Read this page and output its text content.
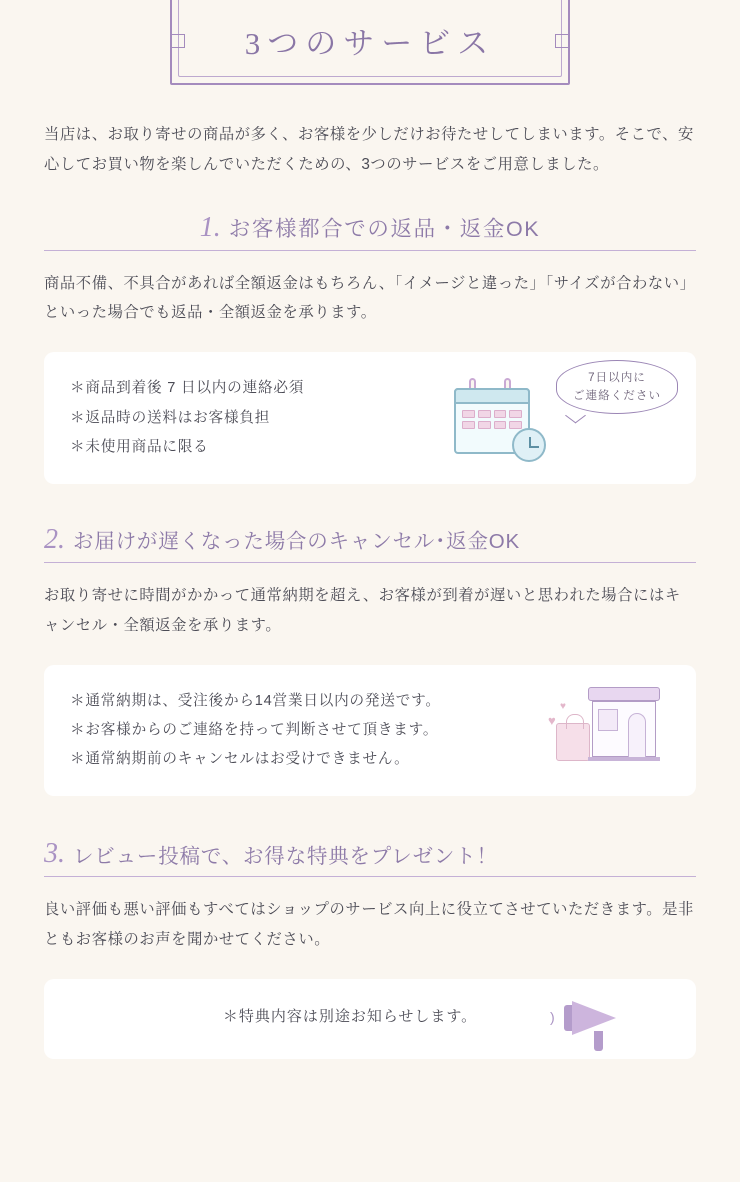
3つのサービス

当店は、お取り寄せの商品が多く、お客様を少しだけお待たせしてしまいます。そこで、安心してお買い物を楽しんでいただくための、3つのサービスをご用意しました。

1. お客様都合での返品・返金OK

商品不備、不具合があれば全額返金はもちろん、「イメージと違った」「サイズが合わない」といった場合でも返品・全額返金を承ります。

＊商品到着後 7 日以内の連絡必須
＊返品時の送料はお客様負担
＊未使用商品に限る
7日以内に
ご連絡ください
2. お届けが遅くなった場合のキャンセル･返金OK

お取り寄せに時間がかかって通常納期を超え、お客様が到着が遅いと思われた場合にはキャンセル・全額返金を承ります。

＊通常納期は、受注後から14営業日以内の発送です。
＊お客様からのご連絡を持って判断させて頂きます。
＊通常納期前のキャンセルはお受けできません。
♥
♥
3. レビュー投稿で、お得な特典をプレゼント！

良い評価も悪い評価もすべてはショップのサービス向上に役立てさせていただきます。是非ともお客様のお声を聞かせてください。

＊特典内容は別途お知らせします。	)
